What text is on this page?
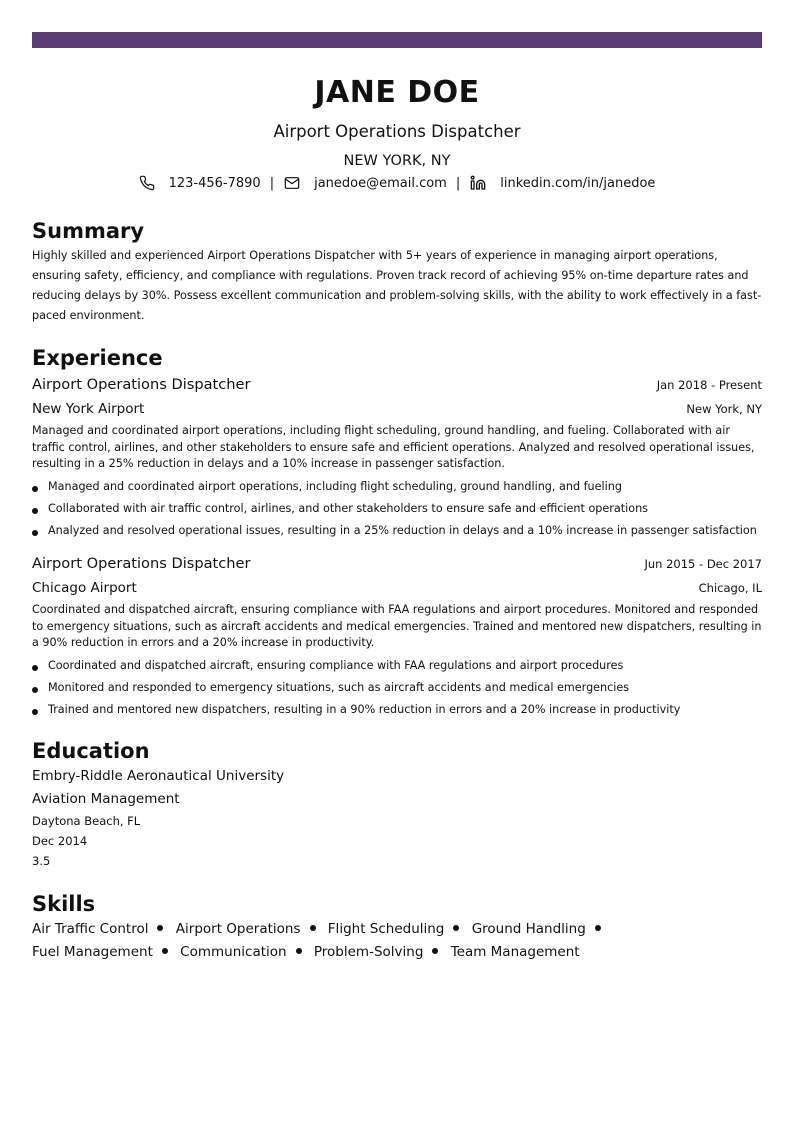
JANE DOE
Airport Operations Dispatcher
NEW YORK, NY
123-456-7890 |	janedoe@email.com |	linkedin.com/in/janedoe
Summary
Highly skilled and experienced Airport Operations Dispatcher with 5+ years of experience in managing airport operations, ensuring safety, efficiency, and compliance with regulations. Proven track record of achieving 95% on-time departure rates and reducing delays by 30%. Possess excellent communication and problem-solving skills, with the ability to work effectively in a fast-paced environment.
Experience
Airport Operations Dispatcher	Jan 2018 - Present
New York Airport	New York, NY
Managed and coordinated airport operations, including flight scheduling, ground handling, and fueling. Collaborated with air traffic control, airlines, and other stakeholders to ensure safe and efficient operations. Analyzed and resolved operational issues, resulting in a 25% reduction in delays and a 10% increase in passenger satisfaction.
Managed and coordinated airport operations, including flight scheduling, ground handling, and fueling
Collaborated with air traffic control, airlines, and other stakeholders to ensure safe and efficient operations
Analyzed and resolved operational issues, resulting in a 25% reduction in delays and a 10% increase in passenger satisfaction
Airport Operations Dispatcher	Jun 2015 - Dec 2017
Chicago Airport	Chicago, IL
Coordinated and dispatched aircraft, ensuring compliance with FAA regulations and airport procedures. Monitored and responded to emergency situations, such as aircraft accidents and medical emergencies. Trained and mentored new dispatchers, resulting in a 90% reduction in errors and a 20% increase in productivity.
Coordinated and dispatched aircraft, ensuring compliance with FAA regulations and airport procedures
Monitored and responded to emergency situations, such as aircraft accidents and medical emergencies
Trained and mentored new dispatchers, resulting in a 90% reduction in errors and a 20% increase in productivity
Education
Embry-Riddle Aeronautical University
Aviation Management
Daytona Beach, FL
Dec 2014
3.5
Skills
Air Traffic Control Airport Operations Flight Scheduling Ground Handling Fuel Management Communication Problem-Solving Team Management
